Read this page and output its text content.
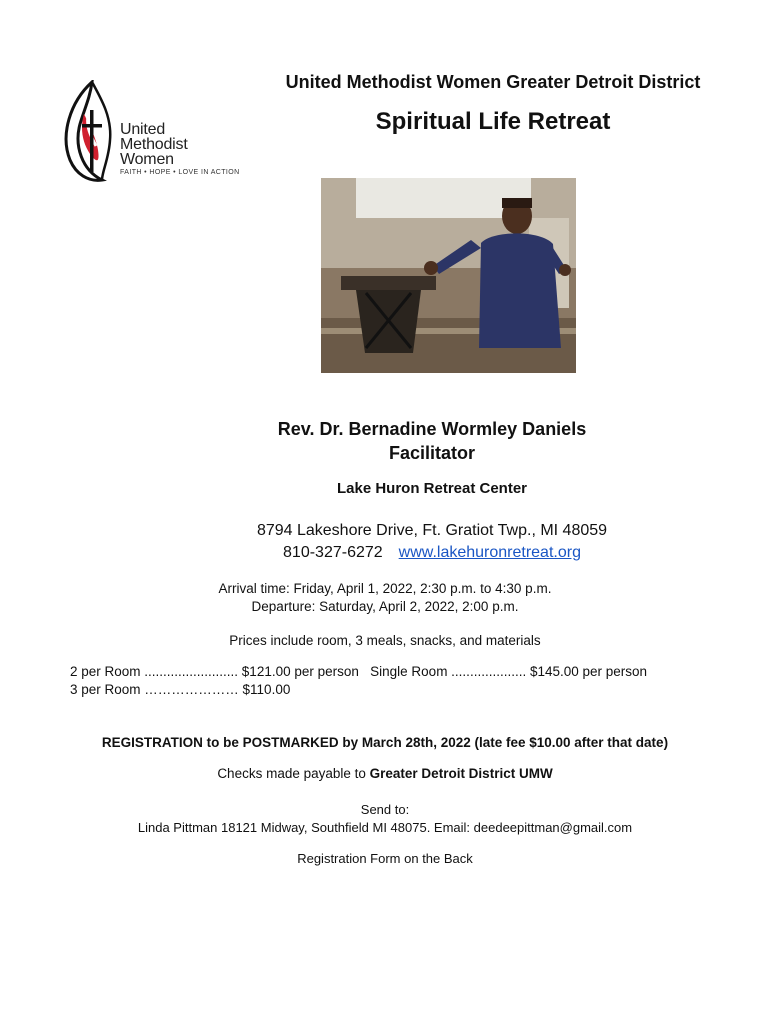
United
Methodist
Women
FAITH • HOPE • LOVE IN ACTION
United Methodist Women Greater Detroit District
Spiritual Life Retreat
Rev. Dr. Bernadine Wormley Daniels
Facilitator
Lake Huron Retreat Center
8794 Lakeshore Drive, Ft. Gratiot Twp., MI 48059
810-327-6272 www.lakehuronretreat.org
Arrival time: Friday, April 1, 2022, 2:30 p.m. to 4:30 p.m.
Departure: Saturday, April 2, 2022, 2:00 p.m.
Prices include room, 3 meals, snacks, and materials
2 per Room ......................... $121.00 per person   Single Room .................... $145.00 per person
3 per Room ………………… $110.00
REGISTRATION to be POSTMARKED by March 28th, 2022 (late fee $10.00 after that date)
Checks made payable to Greater Detroit District UMW
Send to:
Linda Pittman 18121 Midway, Southfield MI 48075. Email: deedeepittman@gmail.com
Registration Form on the Back
